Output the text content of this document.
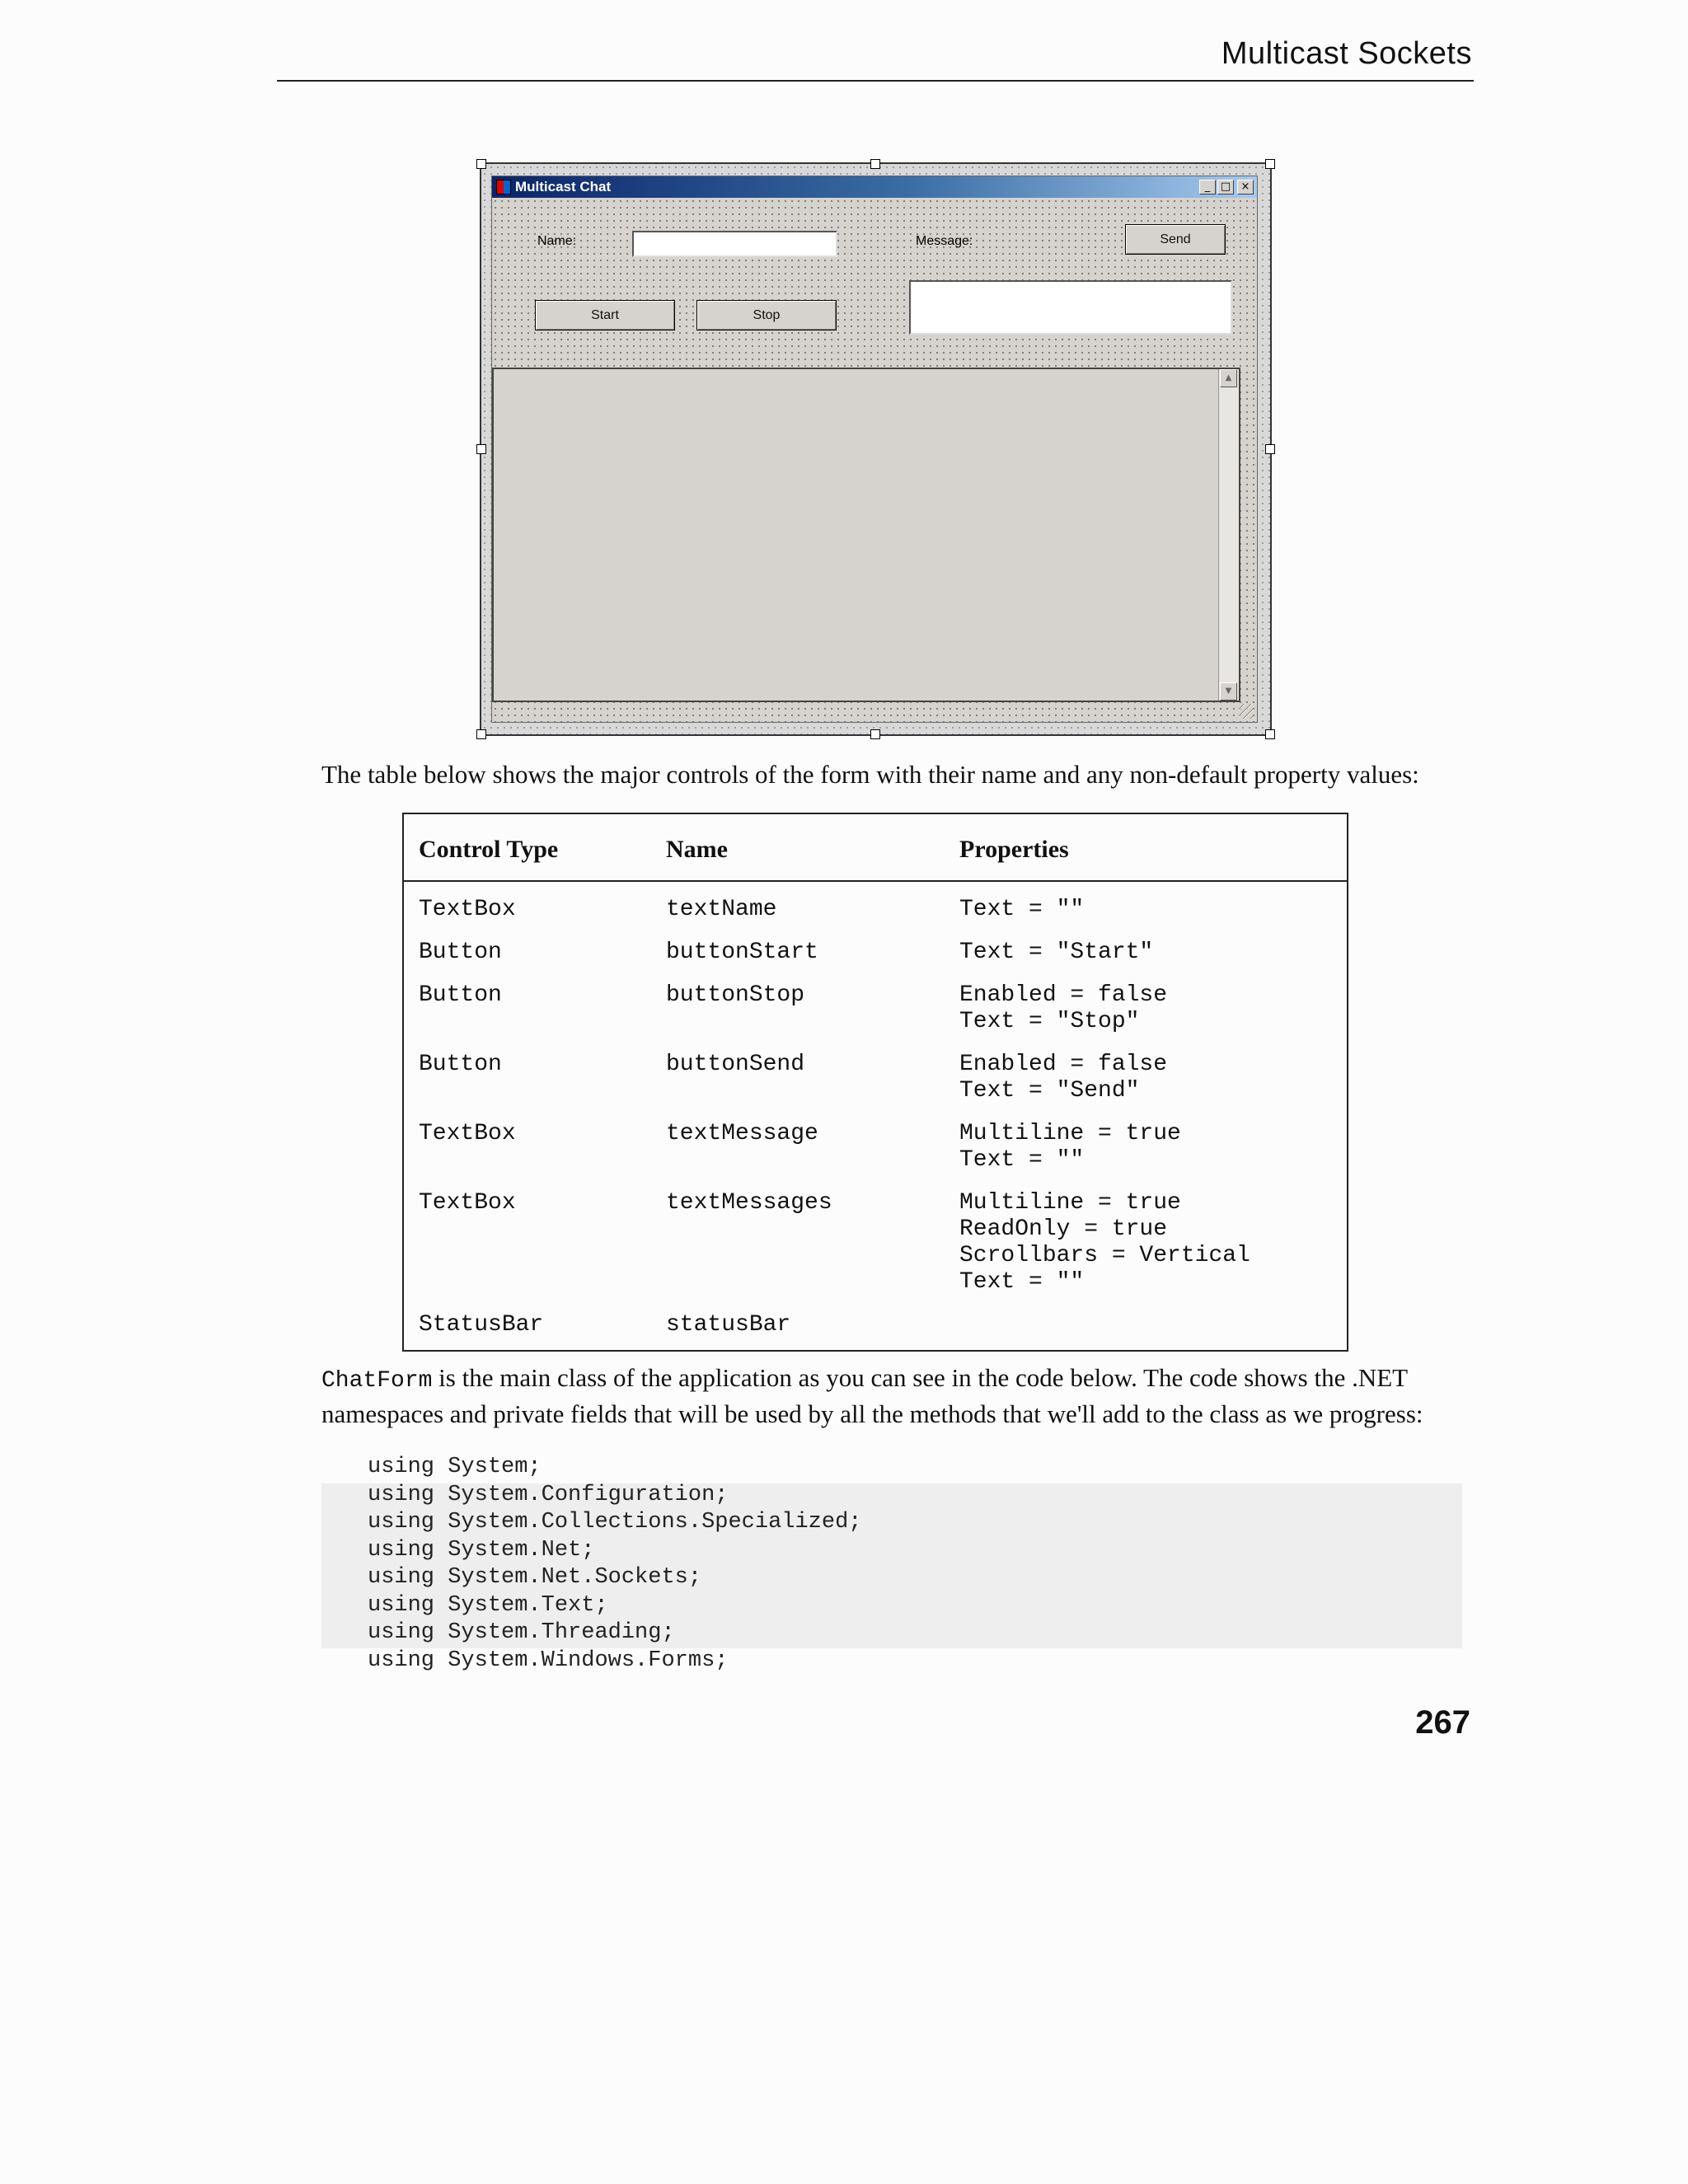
Multicast Sockets
Multicast Chat	_ □ ×
Name:	Message:	Send
Start	Stop
▲
▼
The table below shows the major controls of the form with their name and any non-default property values:
Control Type	Name	Properties
TextBox	textName	Text = ""
Button	buttonStart	Text = "Start"
Button	buttonStop	Enabled = false
Text = "Stop"
Button	buttonSend	Enabled = false
Text = "Send"
TextBox	textMessage	Multiline = true
Text = ""
TextBox	textMessages	Multiline = true
ReadOnly = true
Scrollbars = Vertical
Text = ""
StatusBar	statusBar	
ChatForm is the main class of the application as you can see in the code below. The code shows the .NET namespaces and private fields that will be used by all the methods that we'll add to the class as we progress:
using System;
using System.Configuration;
using System.Collections.Specialized;
using System.Net;
using System.Net.Sockets;
using System.Text;
using System.Threading;
using System.Windows.Forms;
267
